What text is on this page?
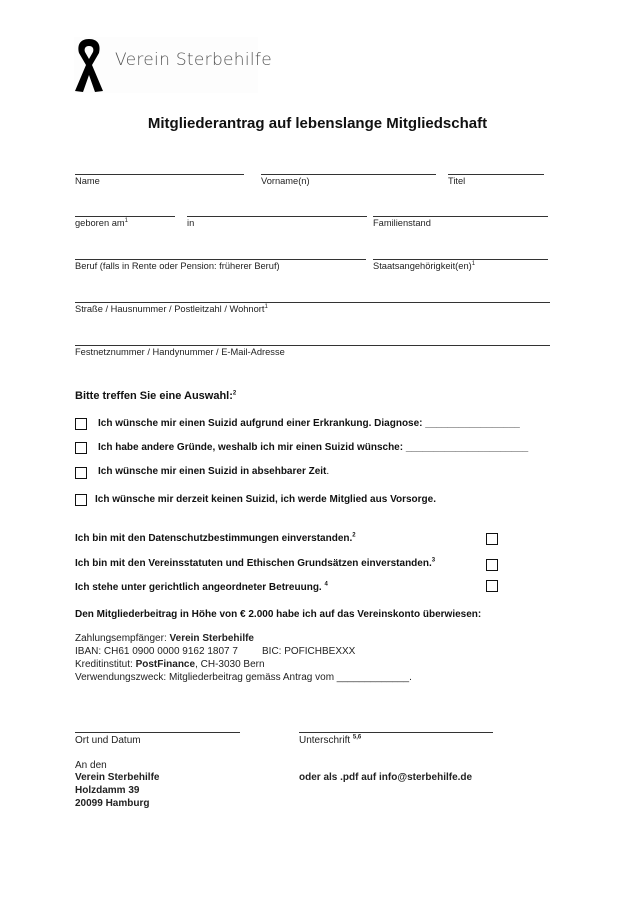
Verein Sterbehilfe
Mitgliederantrag auf lebenslange Mitgliedschaft
Name	Vorname(n)	Titel
geboren $am^1$	in	Familienstand
Beruf (falls in Rente oder Pension: früherer Beruf)	Staatsangehörigkeit(en)$^1$
Straße / Hausnummer / Postleitzahl / Wohnort$^1$
Festnetznummer / Handynummer / E-Mail-Adresse
Bitte treffen Sie eine Auswahl:$^2$
Ich wünsche mir einen Suizid aufgrund einer Erkrankung. Diagnose: _________________
Ich habe andere Gründe, weshalb ich mir einen Suizid wünsche: ______________________
Ich wünsche mir einen Suizid in absehbarer Zeit.
Ich wünsche mir derzeit keinen Suizid, ich werde Mitglied aus Vorsorge.
Ich bin mit den Datenschutzbestimmungen einverstanden.$^2$
Ich bin mit den Vereinsstatuten und Ethischen Grundsätzen einverstanden.$^3$
Ich stehe unter gerichtlich angeordneter Betreuung. $^4$
Den Mitgliederbeitrag in Höhe von € 2.000 habe ich auf das Vereinskonto überwiesen:
Zahlungsempfänger: Verein Sterbehilfe
IBAN: CH61 0900 0000 9162 1807 7 BIC: POFICHBEXXX
Kreditinstitut: PostFinance, CH-3030 Bern
Verwendungszweck: Mitgliederbeitrag gemäss Antrag vom _____________.
Ort und Datum	Unterschrift $^{5,6}$
An den
Verein Sterbehilfe
Holzdamm 39
20099 Hamburg
oder als .pdf auf info@sterbehilfe.de
